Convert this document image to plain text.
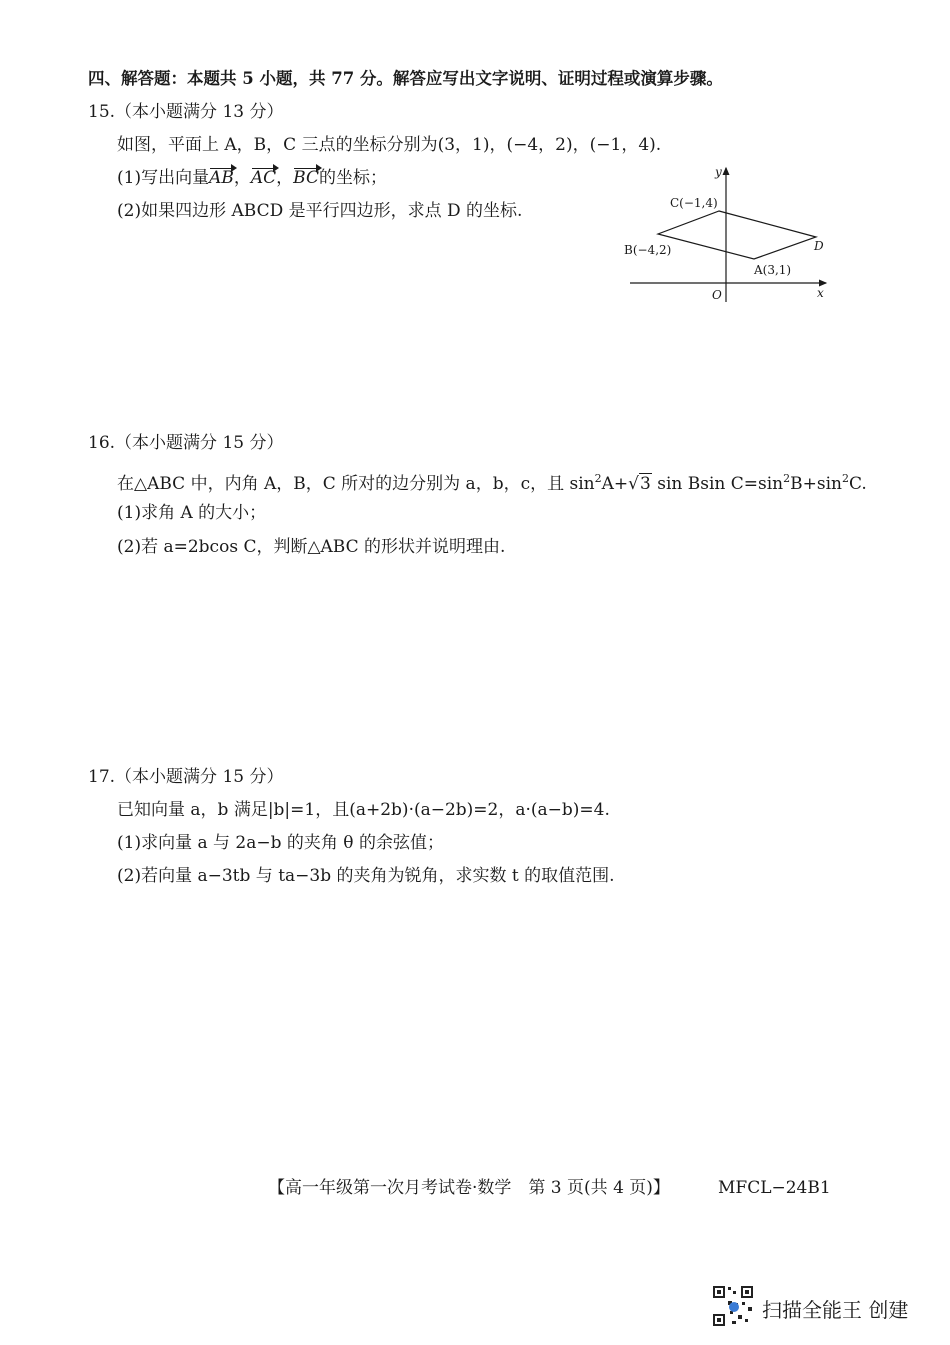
四、解答题：本题共 5 小题，共 77 分。解答应写出文字说明、证明过程或演算步骤。
15.（本小题满分 13 分）
如图，平面上 A，B，C 三点的坐标分别为(3，1)，(−4，2)，(−1，4).
(1)写出向量AB，AC，BC的坐标；
(2)如果四边形 ABCD 是平行四边形，求点 D 的坐标.
y
x
O
C(−1,4)
B(−4,2)
A(3,1)
D
16.（本小题满分 15 分）
在△ABC 中，内角 A，B，C 所对的边分别为 a，b，c，且 $\sin^2A+√3$ sin Bsin $C=\sin^2B+\sin^2C$.
(1)求角 A 的大小；
(2)若 a=2bcos C，判断△ABC 的形状并说明理由.
17.（本小题满分 15 分）
已知向量 a，b 满足|b|=1，且(a+2b)·(a−2b)=2，a·(a−b)=4.
(1)求向量 a 与 2a−b 的夹角 θ 的余弦值；
(2)若向量 a−3tb 与 ta−3b 的夹角为锐角，求实数 t 的取值范围.
【高一年级第一次月考试卷·数学　第 3 页(共 4 页)】	MFCL−24B1
扫描全能王 创建
